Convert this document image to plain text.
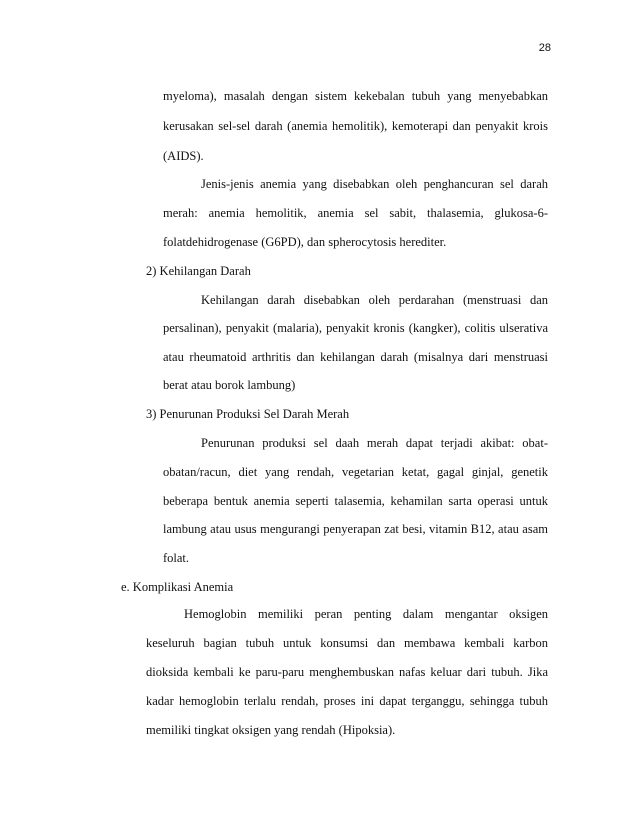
28
myeloma), masalah dengan sistem kekebalan tubuh yang menyebabkan
kerusakan sel-sel darah (anemia hemolitik), kemoterapi dan penyakit krois
(AIDS).
Jenis-jenis anemia yang disebabkan oleh penghancuran sel darah
merah: anemia hemolitik, anemia sel sabit, thalasemia, glukosa-6-
folatdehidrogenase (G6PD), dan spherocytosis herediter.
2) Kehilangan Darah
Kehilangan darah disebabkan oleh perdarahan (menstruasi dan
persalinan), penyakit (malaria), penyakit kronis (kangker), colitis ulserativa
atau rheumatoid arthritis dan kehilangan darah (misalnya dari menstruasi
berat atau borok lambung)
3) Penurunan Produksi Sel Darah Merah
Penurunan produksi sel daah merah dapat terjadi akibat: obat-
obatan/racun, diet yang rendah, vegetarian ketat, gagal ginjal, genetik
beberapa bentuk anemia seperti talasemia, kehamilan sarta operasi untuk
lambung atau usus mengurangi penyerapan zat besi, vitamin B12, atau asam
folat.
e. Komplikasi Anemia
Hemoglobin memiliki peran penting dalam mengantar oksigen
keseluruh bagian tubuh untuk konsumsi dan membawa kembali karbon
dioksida kembali ke paru-paru menghembuskan nafas keluar dari tubuh. Jika
kadar hemoglobin terlalu rendah, proses ini dapat terganggu, sehingga tubuh
memiliki tingkat oksigen yang rendah (Hipoksia).
